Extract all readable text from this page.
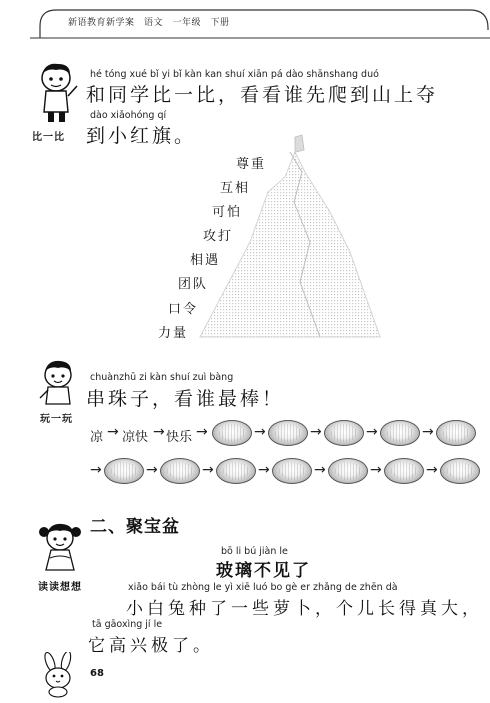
新语教育新学案　语文　一年级　下册
比一比
hé tóng xué bǐ yi bǐ kàn kan shuí xiān pá dào shānshang duó
和同学比一比，看看谁先爬到山上夺
dào xiǎohóng qí
到小红旗。
尊重
互相
可怕
攻打
相遇
团队
口令
力量
玩一玩
chuànzhū zi kàn shuí zuì bàng
串珠子，看谁最棒！
凉 → 凉快 → 快乐 →	→	→	→	→
→	→	→	→	→	→	→
二、聚宝盆
读读想想
bō li bú jiàn le
玻璃不见了
xiǎo bái tù zhòng le yì xiē luó bo gè er zhǎng de zhēn dà
小白兔种了一些萝卜，个儿长得真大，
tā gāoxìng jí le
它高兴极了。
68
